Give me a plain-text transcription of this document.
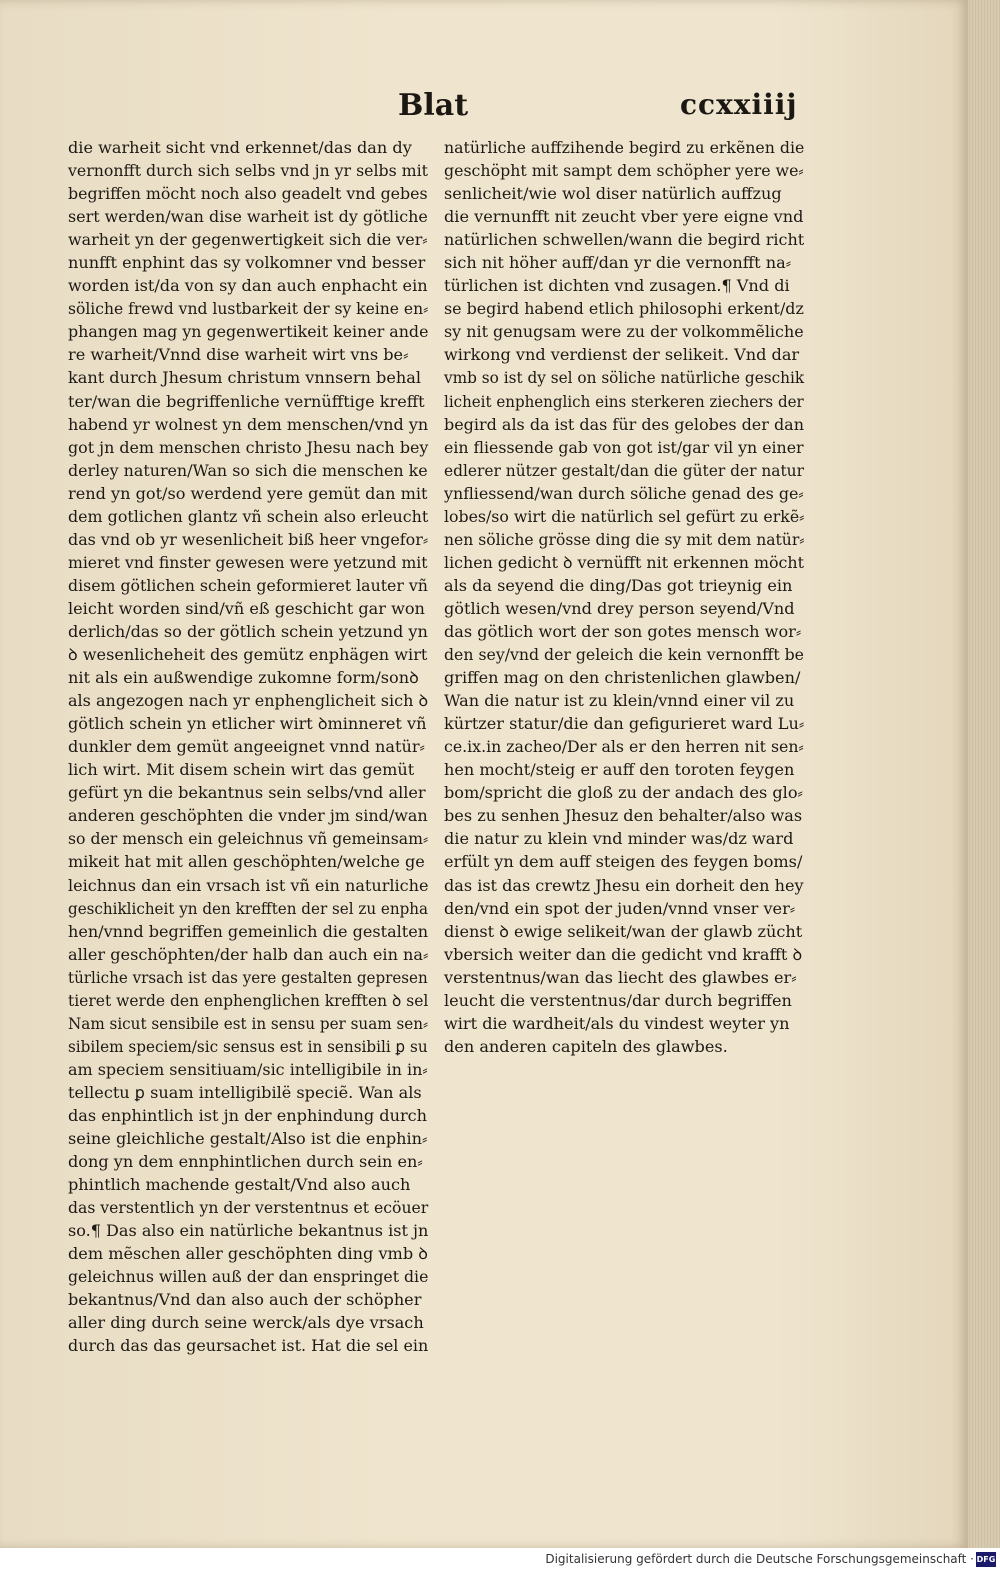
Blat	ccxxiiij
die warheit sicht vnd erkennet/das dan dy
vernonfft durch sich selbs vnd jn yr selbs mit
begriffen möcht noch also geadelt vnd gebes
sert werden/wan dise warheit ist dy götliche
warheit yn der gegenwertigkeit sich die ver⸗
nunfft enphint das sy volkomner vnd besser
worden ist/da von sy dan auch enphacht ein
söliche frewd vnd lustbarkeit der sy keine en⸗
phangen mag yn gegenwertikeit keiner ande
re warheit/Vnnd dise warheit wirt vns be⸗
kant durch Jhesum christum vnnsern behal
ter/wan die begriffenliche vernüfftige krefft
habend yr wolnest yn dem menschen/vnd yn
got jn dem menschen christo Jhesu nach bey
derley naturen/Wan so sich die menschen ke
rend yn got/so werdend yere gemüt dan mit
dem gotlichen glantz vñ schein also erleucht
das vnd ob yr wesenlicheit biß heer vngefor⸗
mieret vnd finster gewesen were yetzund mit
disem götlichen schein geformieret lauter vñ
leicht worden sind/vñ eß geschicht gar won
derlich/das so der götlich schein yetzund yn
ꝺ wesenlicheheit des gemütz enphägen wirt
nit als ein außwendige zukomne form/sonꝺ
als angezogen nach yr enphenglicheit sich ꝺ
götlich schein yn etlicher wirt ꝺminneret vñ
dunkler dem gemüt angeeignet vnnd natür⸗
lich wirt. Mit disem schein wirt das gemüt
gefürt yn die bekantnus sein selbs/vnd aller
anderen geschöphten die vnder jm sind/wan
so der mensch ein geleichnus vñ gemeinsam⸗
mikeit hat mit allen geschöphten/welche ge
leichnus dan ein vrsach ist vñ ein naturliche
geschiklicheit yn den krefften der sel zu enpha
hen/vnnd begriffen gemeinlich die gestalten
aller geschöphten/der halb dan auch ein na⸗
türliche vrsach ist das yere gestalten gepresen
tieret werde den enphenglichen krefften ꝺ sel
Nam sicut sensibile est in sensu per suam sen⸗
sibilem speciem/sic sensus est in sensibili ꝑ su
am speciem sensitiuam/sic intelligibile in in⸗
tellectu ꝑ suam intelligibilë speciẽ. Wan als
das enphintlich ist jn der enphindung durch
seine gleichliche gestalt/Also ist die enphin⸗
dong yn dem ennphintlichen durch sein en⸗
phintlich machende gestalt/Vnd also auch
das verstentlich yn der verstentnus et ecöuer
so.¶ Das also ein natürliche bekantnus ist jn
dem mẽschen aller geschöphten ding vmb ꝺ
geleichnus willen auß der dan enspringet die
bekantnus/Vnd dan also auch der schöpher
aller ding durch seine werck/als dye vrsach
durch das das geursachet ist. Hat die sel ein
natürliche auffzihende begird zu erkẽnen die
geschöpht mit sampt dem schöpher yere we⸗
senlicheit/wie wol diser natürlich auffzug
die vernunfft nit zeucht vber yere eigne vnd
natürlichen schwellen/wann die begird richt
sich nit höher auff/dan yr die vernonfft na⸗
türlichen ist dichten vnd zusagen.¶ Vnd di
se begird habend etlich philosophi erkent/dz
sy nit genugsam were zu der volkommẽliche
wirkong vnd verdienst der selikeit. Vnd dar
vmb so ist dy sel on söliche natürliche geschik
licheit enphenglich eins sterkeren ziechers der
begird als da ist das für des gelobes der dan
ein fliessende gab von got ist/gar vil yn einer
edlerer nützer gestalt/dan die güter der natur
ynfliessend/wan durch söliche genad des ge⸗
lobes/so wirt die natürlich sel gefürt zu erkẽ⸗
nen söliche grösse ding die sy mit dem natür⸗
lichen gedicht ꝺ vernüfft nit erkennen möcht
als da seyend die ding/Das got trieynig ein
götlich wesen/vnd drey person seyend/Vnd
das götlich wort der son gotes mensch wor⸗
den sey/vnd der geleich die kein vernonfft be
griffen mag on den christenlichen glawben/
Wan die natur ist zu klein/vnnd einer vil zu
kürtzer statur/die dan gefigurieret ward Lu⸗
ce.ix.in zacheo/Der als er den herren nit sen⸗
hen mocht/steig er auff den toroten feygen
bom/spricht die gloß zu der andach des glo⸗
bes zu senhen Jhesuz den behalter/also was
die natur zu klein vnd minder was/dz ward
erfült yn dem auff steigen des feygen boms/
das ist das crewtz Jhesu ein dorheit den hey
den/vnd ein spot der juden/vnnd vnser ver⸗
dienst ꝺ ewige selikeit/wan der glawb zücht
vbersich weiter dan die gedicht vnd krafft ꝺ
verstentnus/wan das liecht des glawbes er⸗
leucht die verstentnus/dar durch begriffen
wirt die wardheit/als du vindest weyter yn
den anderen capiteln des glawbes.
Digitalisierung gefördert durch die Deutsche Forschungsgemeinschaft · DFG
